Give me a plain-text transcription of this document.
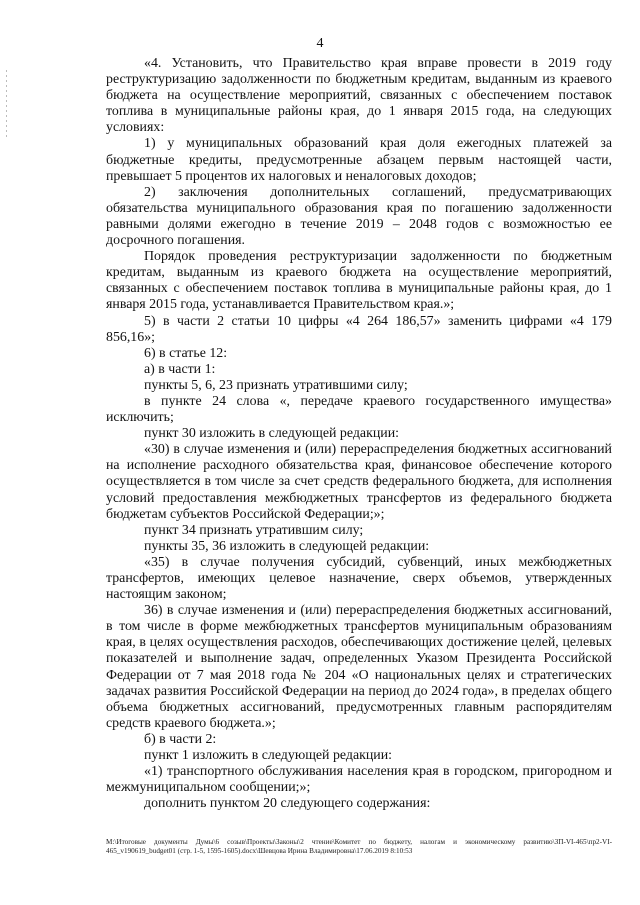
4

«4. Установить, что Правительство края вправе провести в 2019 году реструктуризацию задолженности по бюджетным кредитам, выданным из краевого бюджета на осуществление мероприятий, связанных с обеспечением поставок топлива в муниципальные районы края, до 1 января 2015 года, на следующих условиях:

1) у муниципальных образований края доля ежегодных платежей за бюджетные кредиты, предусмотренные абзацем первым настоящей части, превышает 5 процентов их налоговых и неналоговых доходов;

2) заключения дополнительных соглашений, предусматривающих обязательства муниципального образования края по погашению задолженности равными долями ежегодно в течение 2019 – 2048 годов с возможностью ее досрочного погашения.

Порядок проведения реструктуризации задолженности по бюджетным кредитам, выданным из краевого бюджета на осуществление мероприятий, связанных с обеспечением поставок топлива в муниципальные районы края, до 1 января 2015 года, устанавливается Правительством края.»;

5) в части 2 статьи 10 цифры «4 264 186,57» заменить цифрами «4 179 856,16»;

6) в статье 12:

а) в части 1:

пункты 5, 6, 23 признать утратившими силу;

в пункте 24 слова «, передаче краевого государственного имущества» исключить;

пункт 30 изложить в следующей редакции:

«30) в случае изменения и (или) перераспределения бюджетных ассигнований на исполнение расходного обязательства края, финансовое обеспечение которого осуществляется в том числе за счет средств федерального бюджета, для исполнения условий предоставления межбюджетных трансфертов из федерального бюджета бюджетам субъектов Российской Федерации;»;

пункт 34 признать утратившим силу;

пункты 35, 36 изложить в следующей редакции:

«35) в случае получения субсидий, субвенций, иных межбюджетных трансфертов, имеющих целевое назначение, сверх объемов, утвержденных настоящим законом;

36) в случае изменения и (или) перераспределения бюджетных ассигнований, в том числе в форме межбюджетных трансфертов муниципальным образованиям края, в целях осуществления расходов, обеспечивающих достижение целей, целевых показателей и выполнение задач, определенных Указом Президента Российской Федерации от 7 мая 2018 года № 204 «О национальных целях и стратегических задачах развития Российской Федерации на период до 2024 года», в пределах общего объема бюджетных ассигнований, предусмотренных главным распорядителям средств краевого бюджета.»;

б) в части 2:

пункт 1 изложить в следующей редакции:

«1) транспортного обслуживания населения края в городском, пригородном и межмуниципальном сообщении;»;

дополнить пунктом 20 следующего содержания:

М:\Итоговые документы Думы\6 созыв\Проекты\Законы\2 чтение\Комитет по бюджету, налогам и экономическому развитию\ЗП-VI-465\пр2-VI-465_v190619_budget01 (стр. 1-5, 1595-1605).docx\Шевцова Ирина Владимировна\17.06.2019 8:10:53
